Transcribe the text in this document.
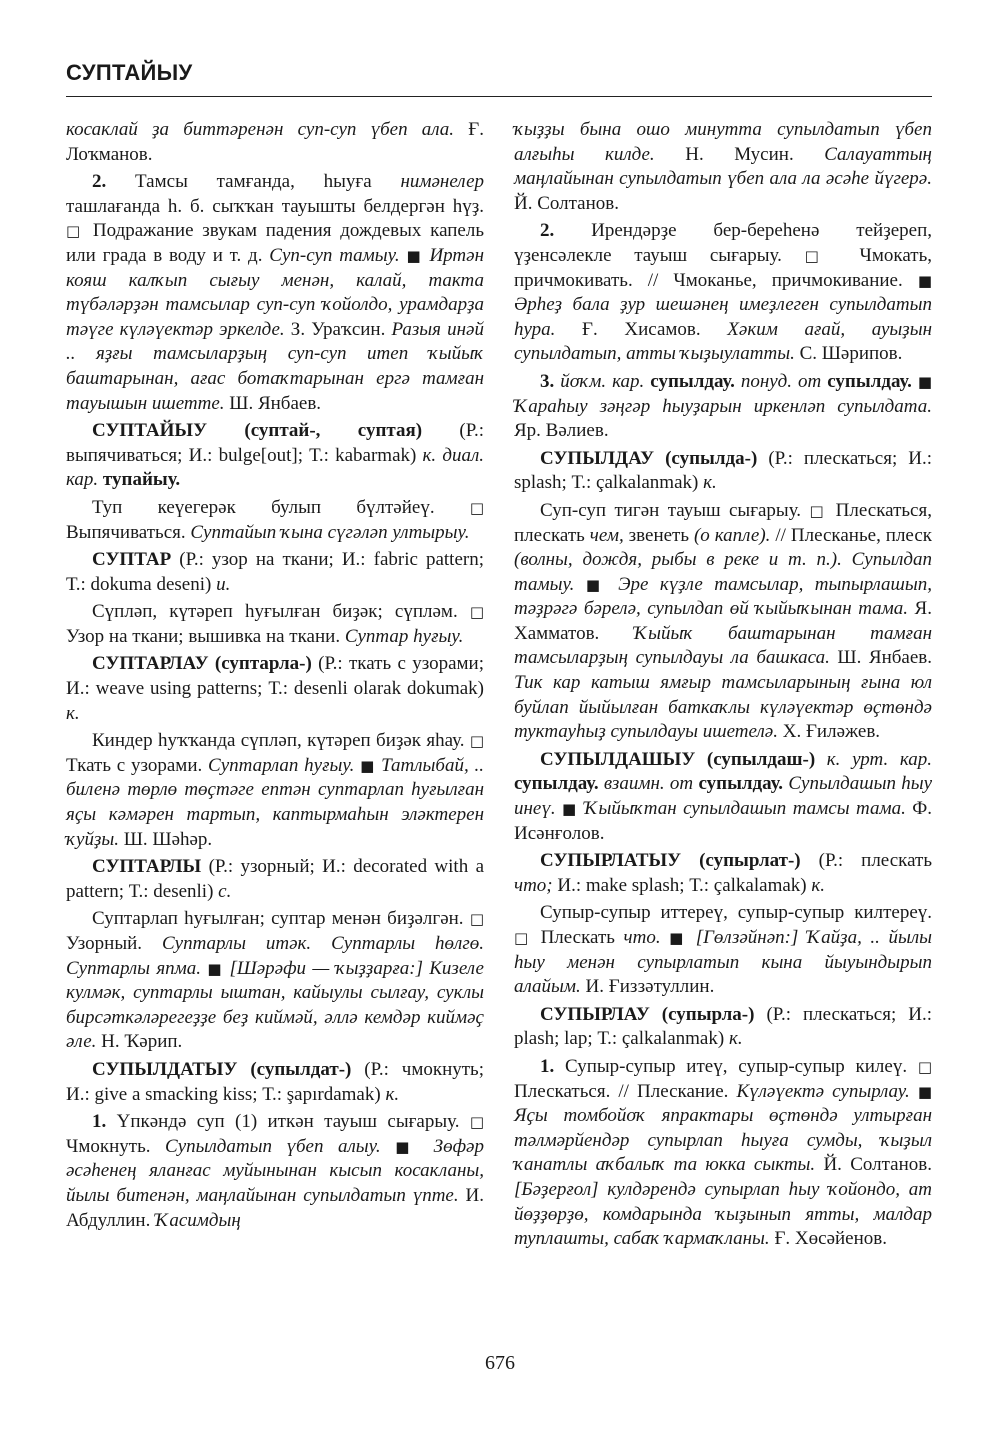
СУПТАЙЫУ

косаклай ҙа биттәренән суп-суп үбеп ала. Ғ. Лоҡманов.

2. Тамсы тамғанда, һыуға нимәнелер ташлағанда һ. б. сыҡҡан тауышты белдергән һүҙ. □ Подражание звукам падения дождевых капель или града в воду и т. д. Суп-суп тамыу. ■ Иртән кояш калҡып сығыу менән, калай, такта түбәләрҙән тамсылар суп-суп ҡойолдо, урамдарҙа тәүге күләүектәр эркелде. З. Ураҡсин. Разыя инәй .. яҙғы тамсыларҙың суп-суп итеп ҡыйыҡ баштарынан, ағас ботаҡтарынан ергә тамған тауышын ишетте. Ш. Янбаев.

СУПТАЙЫУ (суптай-, суптая) (Р.: выпячиваться; И.: bulge[out]; Т.: kabarmak) к. диал. кар. тупайыу.

Туп кеүегерәк булып бүлтәйеү. □ Выпячиваться. Суптайып ҡына сүгәләп ултырыу.

СУПТАР (Р.: узор на ткани; И.: fabric pattern; Т.: dokuma deseni) и.

Сүпләп, күтәреп һуғылған биҙәк; сүпләм. □ Узор на ткани; вышивка на ткани. Суптар һуғыу.

СУПТАРЛАУ (суптарла-) (Р.: ткать с узорами; И.: weave using patterns; Т.: desenli olarak dokumak) к.

Киндер һуҡҡанда сүпләп, күтәреп биҙәк яһау. □ Ткать с узорами. Суптарлап һуғыу. ■ Татлыбай, .. биленә төрлө төҫтәге ептән суптарлап һуғылған яҫы кәмәрен тартып, каптырмаһын эләктерен ҡуйҙы. Ш. Шәһәр.

СУПТАРЛЫ (Р.: узорный; И.: decorated with a pattern; Т.: desenli) с.

Суптарлап һуғылған; суптар менән биҙәлгән. □ Узорный. Суптарлы итәк. Суптарлы һөлгө. Суптарлы япма. ■ [Шәрәфи — ҡыҙҙарға:] Кизеле кулмәк, суптарлы ыштан, кайыулы сылғау, суклы бирсәткәләрегеҙҙе беҙ киймәй, әллә кемдәр киймәҫ әле. Н. Ҡәрип.

СУПЫЛДАТЫУ (супылдат-) (Р.: чмокнуть; И.: give a smacking kiss; Т.: şapırdamak) к.

1. Үпкәндә суп (1) иткән тауыш сығарыу. □ Чмокнуть. Супылдатып үбеп алыу. ■ Зөфәр әсәһенең яланғас муйынынан кысып косакланы, йылы битенән, маңлайынан супылдатып үпте. И. Абдуллин. Ҡасимдың

ҡыҙҙы бына ошо минутта супылдатып үбеп алғыһы килде. Н. Мусин. Салауаттың маңлайынан супылдатып үбеп ала ла әсәһе йүгерә. Й. Солтанов.

2. Ирендәрҙе бер-береһенә тейҙереп, үҙенсәлекле тауыш сығарыу. □ Чмокать, причмокивать. // Чмоканье, причмокивание. ■ Әрһеҙ бала ҙур шешәнең имеҙлеген супылдатып һура. Ғ. Хисамов. Хәким ағай, ауыҙын супылдатып, атты ҡыҙыулатты. С. Шәрипов.

3. йоҡм. кар. супылдау. понуд. от супылдау. ■ Ҡараһыу зәңгәр һыуҙарын иркенләп супылдата. Яр. Вәлиев.

СУПЫЛДАУ (супылда-) (Р.: плескаться; И.: splash; Т.: çalkalanmak) к.

Суп-суп тигән тауыш сығарыу. □ Плескаться, плескать чем, звенеть (о капле). // Плесканье, плеск (волны, дождя, рыбы в реке и т. п.). Супылдап тамыу. ■ Эре күҙле тамсылар, тыпырлашып, тәҙрәгә бәрелә, супылдап өй ҡыйыҡынан тама. Я. Хамматов. Ҡыйыҡ баштарынан тамған тамсыларҙың супылдауы ла башкаса. Ш. Янбаев. Тик кар катыш ямғыр тамсыларының ғына юл буйлап йыйылған баткаҡлы күләүектәр өҫтөндә туктауһыҙ супылдауы ишетелә. Х. Ғиләжев.

СУПЫЛДАШЫУ (супылдаш-) к. урт. кар. супылдау. взаимн. от супылдау. Супылдашып һыу инеү. ■ Ҡыйыҡтан супылдашып тамсы тама. Ф. Исәнғолов.

СУПЫРЛАТЫУ (супырлат-) (Р.: плескать что; И.: make splash; Т.: çalkalamak) к.

Супыр-супыр иттереү, супыр-супыр килтереү. □ Плескать что. ■ [Гөлзәйнәп:] Ҡайҙа, .. йылы һыу менән супырлатып кына йыуындырып алайым. И. Ғиззәтуллин.

СУПЫРЛАУ (супырла-) (Р.: плескаться; И.: plash; lap; Т.: çalkalanmak) к.

1. Супыр-супыр итеү, супыр-супыр килеү. □ Плескаться. // Плескание. Күләүектә супырлау. ■ Яҫы томбойоҡ япрактары өҫтөндә ултырған тәлмәрйендәр супырлап һыуға сумды, ҡыҙыл ҡанатлы аҡбалыҡ та юкка сыкты. Й. Солтанов. [Бәҙерғол] кулдәрендә супырлап һыу ҡойондо, ат йөҙҙөрҙө, комдарында ҡыҙынып ятты, малдар туплашты, сабаҡ ҡармаҡланы. Ғ. Хөсәйенов.

676
